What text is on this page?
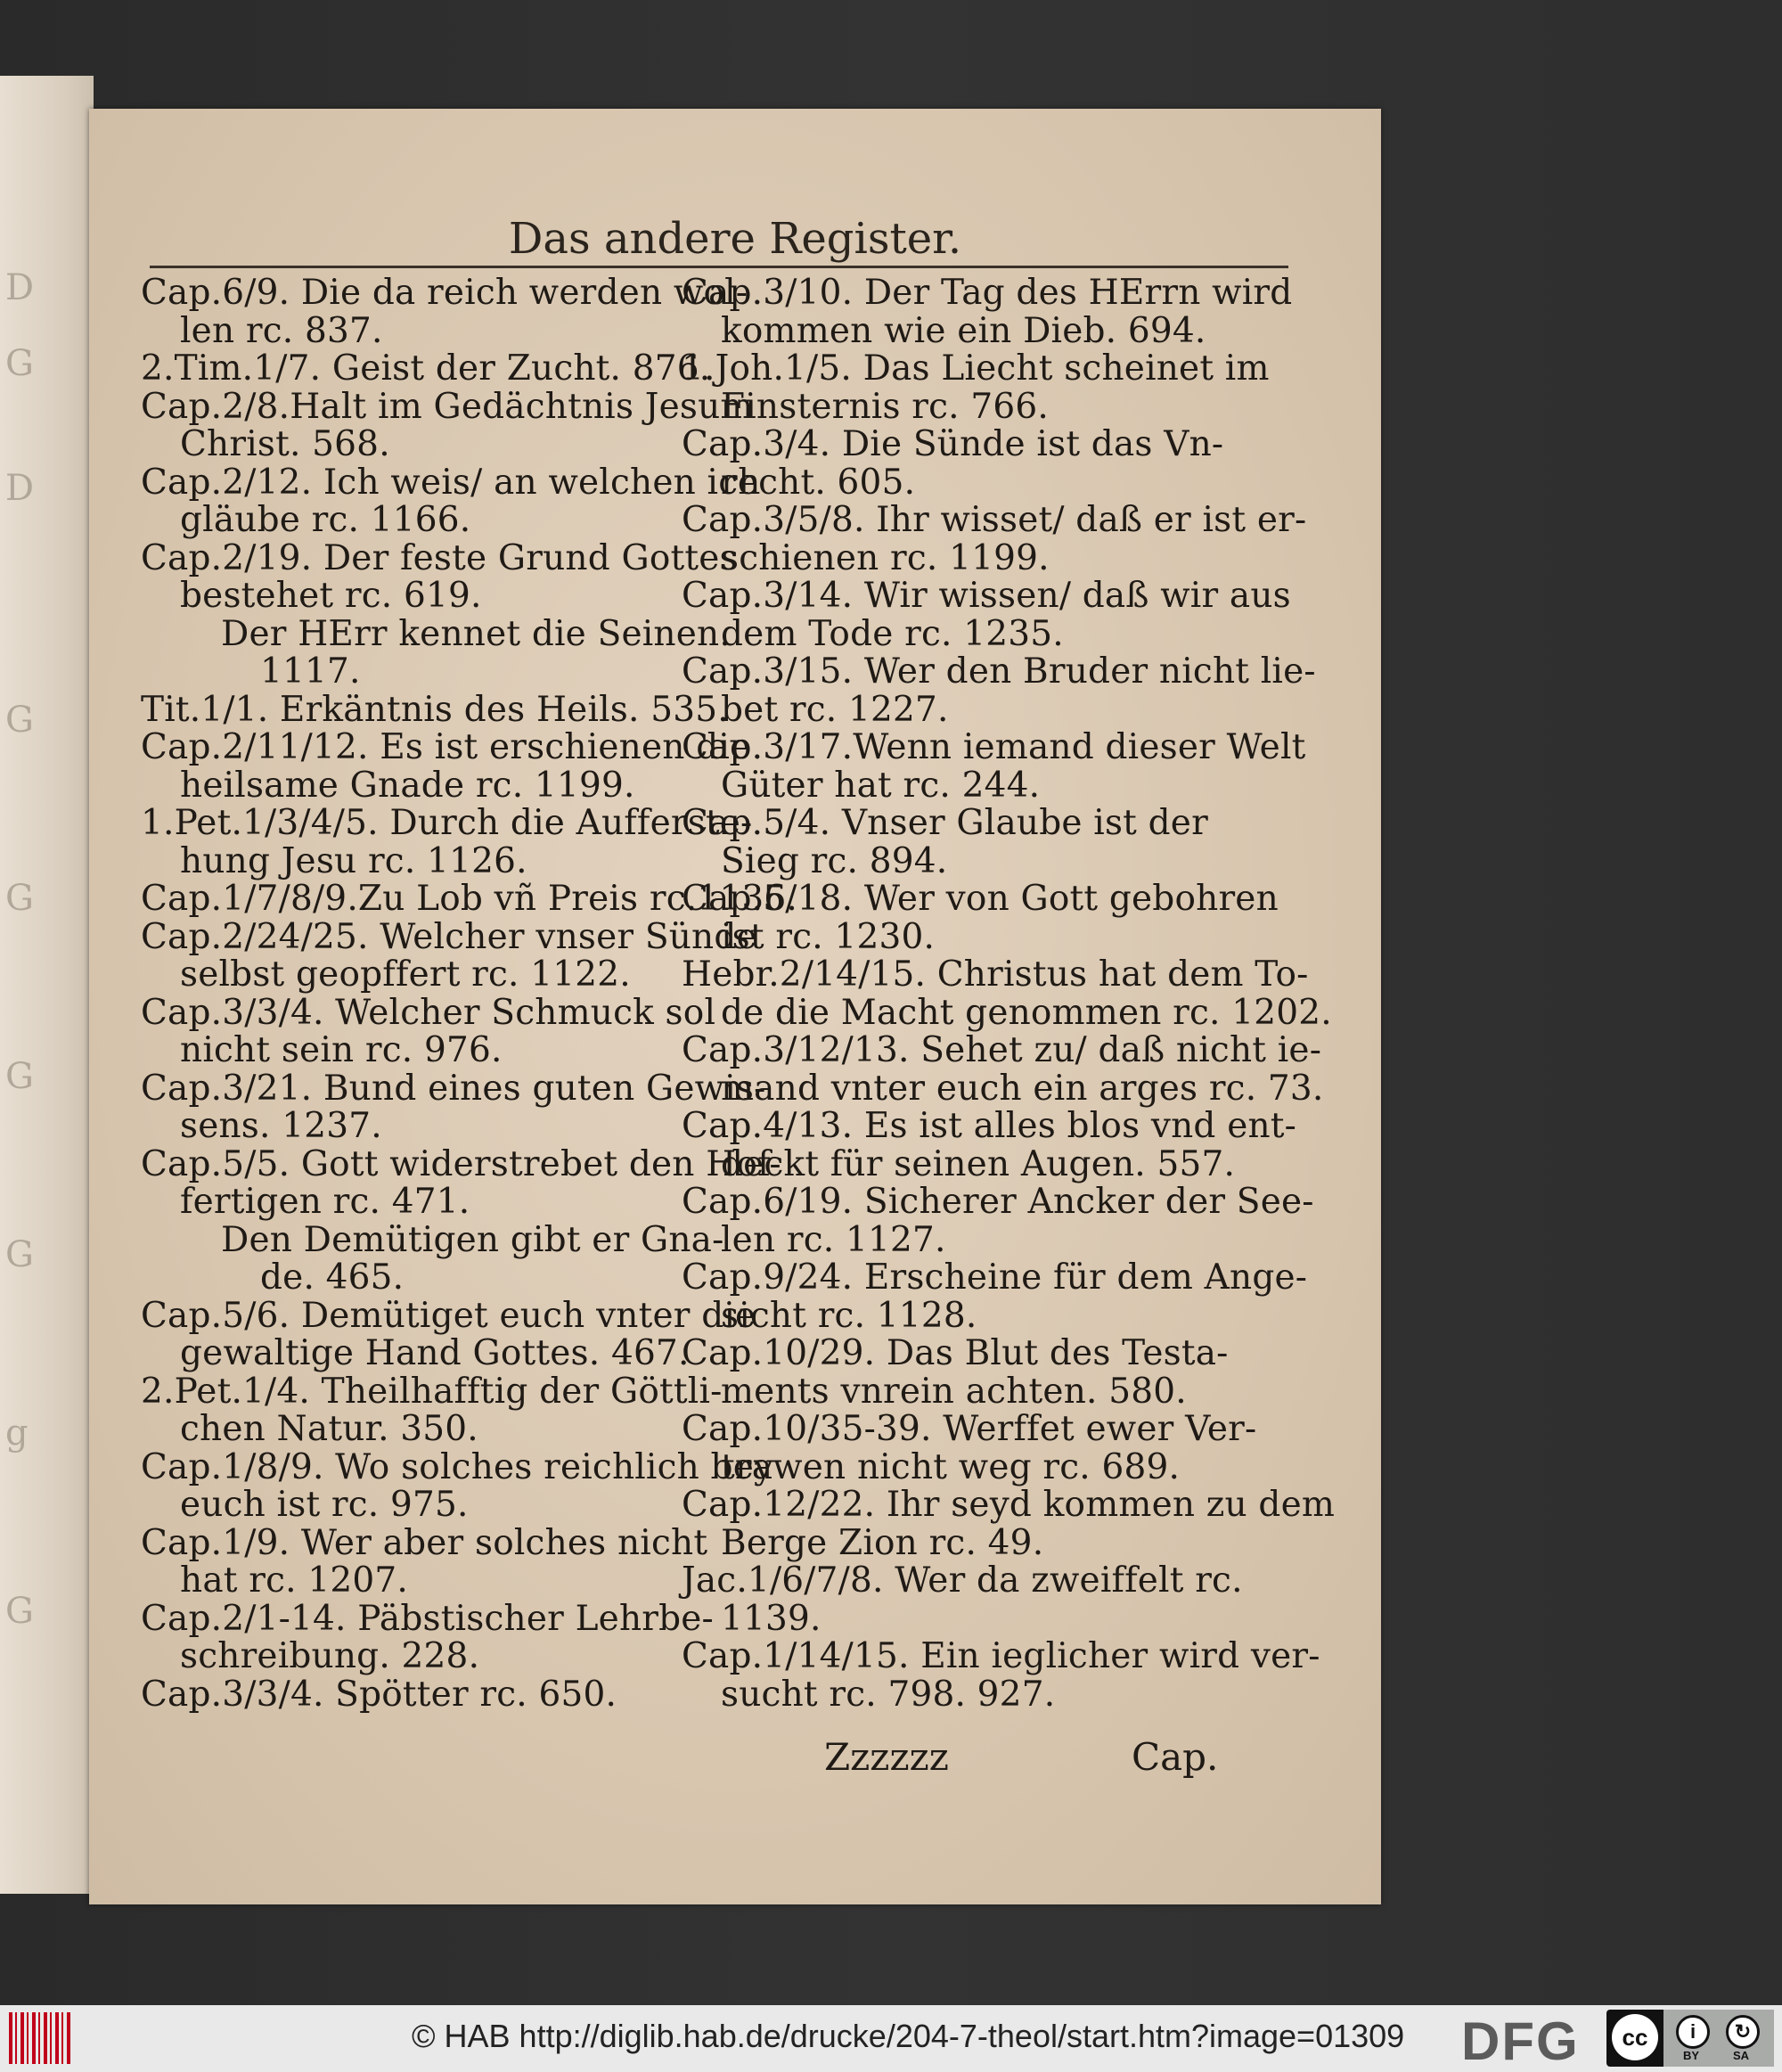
D
G
D
G
G
G
G
g
G
Das andere Register.
Cap.6/9. Die da reich werden wol-
len rc. 837.
2.Tim.1/7. Geist der Zucht. 876.
Cap.2/8.Halt im Gedächtnis Jesum
Christ. 568.
Cap.2/12. Ich weis/ an welchen ich
gläube rc. 1166.
Cap.2/19. Der feste Grund Gottes
bestehet rc. 619.
Der HErr kennet die Seinen.
1117.
Tit.1/1. Erkäntnis des Heils. 535.
Cap.2/11/12. Es ist erschienen die
heilsame Gnade rc. 1199.
1.Pet.1/3/4/5. Durch die Aufferste-
hung Jesu rc. 1126.
Cap.1/7/8/9.Zu Lob vñ Preis rc.1136.
Cap.2/24/25. Welcher vnser Sünde
selbst geopffert rc. 1122.
Cap.3/3/4. Welcher Schmuck sol
nicht sein rc. 976.
Cap.3/21. Bund eines guten Gewis-
sens. 1237.
Cap.5/5. Gott widerstrebet den Hof-
fertigen rc. 471.
Den Demütigen gibt er Gna-
de. 465.
Cap.5/6. Demütiget euch vnter die
gewaltige Hand Gottes. 467.
2.Pet.1/4. Theilhafftig der Göttli-
chen Natur. 350.
Cap.1/8/9. Wo solches reichlich bey
euch ist rc. 975.
Cap.1/9. Wer aber solches nicht
hat rc. 1207.
Cap.2/1-14. Päbstischer Lehrbe-
schreibung. 228.
Cap.3/3/4. Spötter rc. 650.
Cap.3/10. Der Tag des HErrn wird
kommen wie ein Dieb. 694.
1.Joh.1/5. Das Liecht scheinet im
Finsternis rc. 766.
Cap.3/4. Die Sünde ist das Vn-
recht. 605.
Cap.3/5/8. Ihr wisset/ daß er ist er-
schienen rc. 1199.
Cap.3/14. Wir wissen/ daß wir aus
dem Tode rc. 1235.
Cap.3/15. Wer den Bruder nicht lie-
bet rc. 1227.
Cap.3/17.Wenn iemand dieser Welt
Güter hat rc. 244.
Cap.5/4. Vnser Glaube ist der
Sieg rc. 894.
Cap.5/18. Wer von Gott gebohren
ist rc. 1230.
Hebr.2/14/15. Christus hat dem To-
de die Macht genommen rc. 1202.
Cap.3/12/13. Sehet zu/ daß nicht ie-
mand vnter euch ein arges rc. 73.
Cap.4/13. Es ist alles blos vnd ent-
deckt für seinen Augen. 557.
Cap.6/19. Sicherer Ancker der See-
len rc. 1127.
Cap.9/24. Erscheine für dem Ange-
sicht rc. 1128.
Cap.10/29. Das Blut des Testa-
ments vnrein achten. 580.
Cap.10/35-39. Werffet ewer Ver-
trawen nicht weg rc. 689.
Cap.12/22. Ihr seyd kommen zu dem
Berge Zion rc. 49.
Jac.1/6/7/8. Wer da zweiffelt rc.
1139.
Cap.1/14/15. Ein ieglicher wird ver-
sucht rc. 798. 927.
Zzzzzz	Cap.
© HAB http://diglib.hab.de/drucke/204-7-theol/start.htm?image=01309 DFG	cc	i	↻
BY	SA
